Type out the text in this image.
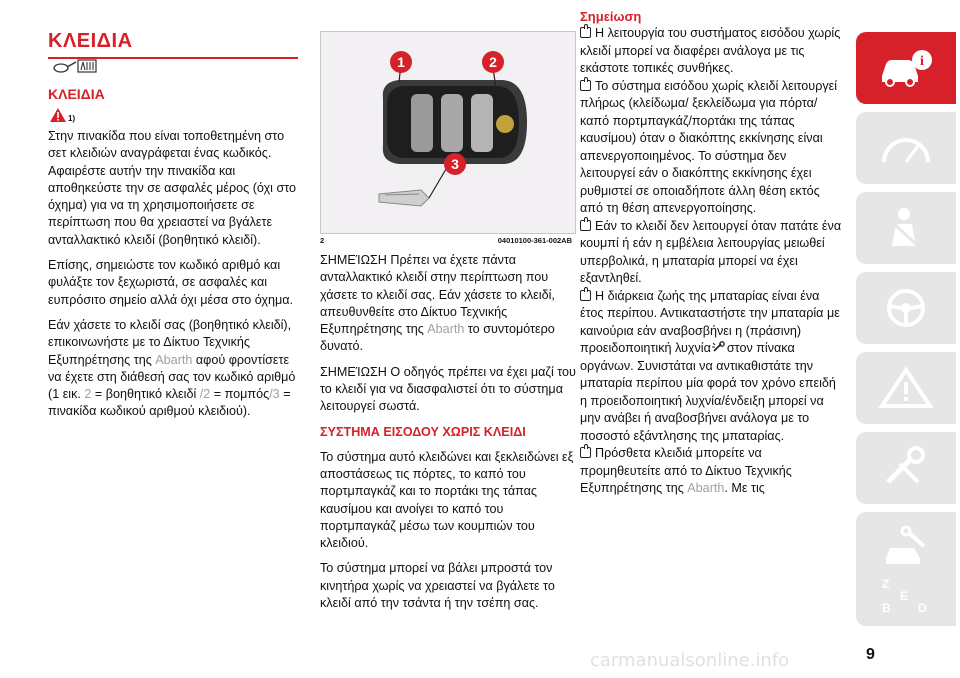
ΚΛΕΙΔΙΑ
ΚΛΕΙΔΙΑ
1)

Στην πινακίδα που είναι τοποθετημένη στο σετ κλειδιών αναγράφεται ένας κωδικός. Αφαιρέστε αυτήν την πινακίδα και αποθηκεύστε την σε ασφαλές μέρος (όχι στο όχημα) για να τη χρησιμοποιήσετε σε περίπτωση που θα χρειαστεί να βγάλετε ανταλλακτικό κλειδί (βοηθητικό κλειδί).

Επίσης, σημειώστε τον κωδικό αριθμό και φυλάξτε τον ξεχωριστά, σε ασφαλές και ευπρόσιτο σημείο αλλά όχι μέσα στο όχημα.

Εάν χάσετε το κλειδί σας (βοηθητικό κλειδί), επικοινωνήστε με το Δίκτυο Τεχνικής Εξυπηρέτησης της Abarth αφού φροντίσετε να έχετε στη διάθεσή σας τον κωδικό αριθμό (1 εικ. 2 = βοηθητικό κλειδί /2 = πομπός/3 = πινακίδα κωδικού αριθμού κλειδιού).

1	2
3
2	04010100-361-002AB

ΣΗΜΕΊΩΣΗ Πρέπει να έχετε πάντα ανταλλακτικό κλειδί στην περίπτωση που χάσετε το κλειδί σας. Εάν χάσετε το κλειδί, απευθυνθείτε στο Δίκτυο Τεχνικής Εξυπηρέτησης της Abarth το συντομότερο δυνατό.

ΣΗΜΕΊΩΣΗ Ο οδηγός πρέπει να έχει μαζί του το κλειδί για να διασφαλιστεί ότι το σύστημα λειτουργεί σωστά.

ΣΥΣΤΗΜΑ ΕΙΣΟΔΟΥ ΧΩΡΙΣ ΚΛΕΙΔΙ

Το σύστημα αυτό κλειδώνει και ξεκλειδώνει εξ αποστάσεως τις πόρτες, το καπό του πορτμπαγκάζ και το πορτάκι της τάπας καυσίμου και ανοίγει το καπό του πορτμπαγκάζ μέσω των κουμπιών του κλειδιού.

Το σύστημα μπορεί να βάλει μπροστά τον κινητήρα χωρίς να χρειαστεί να βγάλετε το κλειδί από την τσάντα ή την τσέπη σας.

Σημείωση

Η λειτουργία του συστήματος εισόδου χωρίς κλειδί μπορεί να διαφέρει ανάλογα με τις εκάστοτε τοπικές συνθήκες.

Το σύστημα εισόδου χωρίς κλειδί λειτουργεί πλήρως (κλείδωμα/ ξεκλείδωμα για πόρτα/καπό πορτμπαγκάζ/πορτάκι της τάπας καυσίμου) όταν ο διακόπτης εκκίνησης είναι απενεργοποιημένος. Το σύστημα δεν λειτουργεί εάν ο διακόπτης εκκίνησης έχει ρυθμιστεί σε οποιαδήποτε άλλη θέση εκτός από τη θέση απενεργοποίησης.

Εάν το κλειδί δεν λειτουργεί όταν πατάτε ένα κουμπί ή εάν η εμβέλεια λειτουργίας μειωθεί υπερβολικά, η μπαταρία μπορεί να έχει εξαντληθεί.

Η διάρκεια ζωής της μπαταρίας είναι ένα έτος περίπου. Αντικαταστήστε την μπαταρία με καινούρια εάν αναβοσβήνει η (πράσινη) προειδοποιητική λυχνία στον πίνακα οργάνων. Συνιστάται να αντικαθιστάτε την μπαταρία περίπου μία φορά τον χρόνο επειδή η προειδοποιητική λυχνία/ένδειξη μπορεί να μην ανάβει ή αναβοσβήνει ανάλογα με το ποσοστό εξάντλησης της μπαταρίας.

Πρόσθετα κλειδιά μπορείτε να προμηθευτείτε από το Δίκτυο Τεχνικής Εξυπηρέτησης της Abarth. Με τις

i
Z
E
B D
9
carmanualsonline.info
